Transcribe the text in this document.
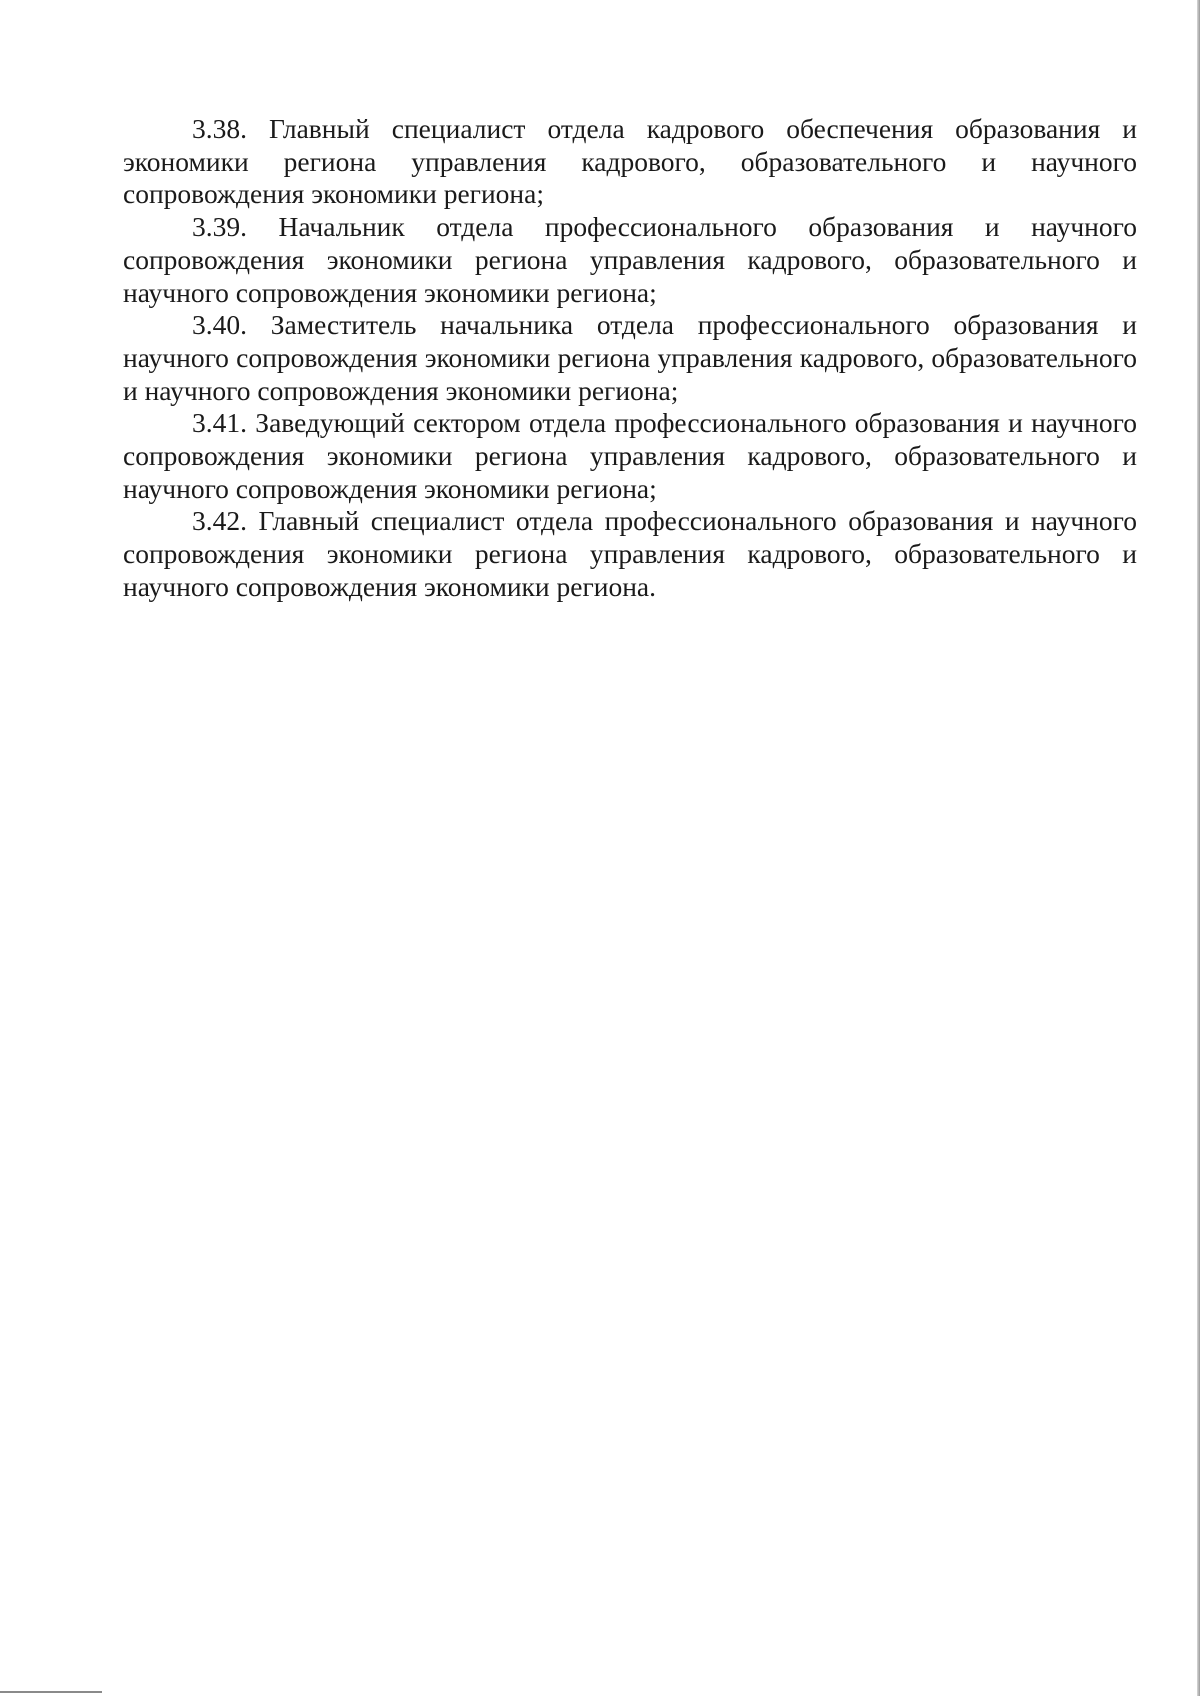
3.38. Главный специалист отдела кадрового обеспечения образования и экономики региона управления кадрового, образовательного и научного сопровождения экономики региона;

3.39. Начальник отдела профессионального образования и научного сопровождения экономики региона управления кадрового, образовательного и научного сопровождения экономики региона;

3.40. Заместитель начальника отдела профессионального образования и научного сопровождения экономики региона управления кадрового, образовательного и научного сопровождения экономики региона;

3.41. Заведующий сектором отдела профессионального образования и научного сопровождения экономики региона управления кадрового, образовательного и научного сопровождения экономики региона;

3.42. Главный специалист отдела профессионального образования и научного сопровождения экономики региона управления кадрового, образовательного и научного сопровождения экономики региона.
